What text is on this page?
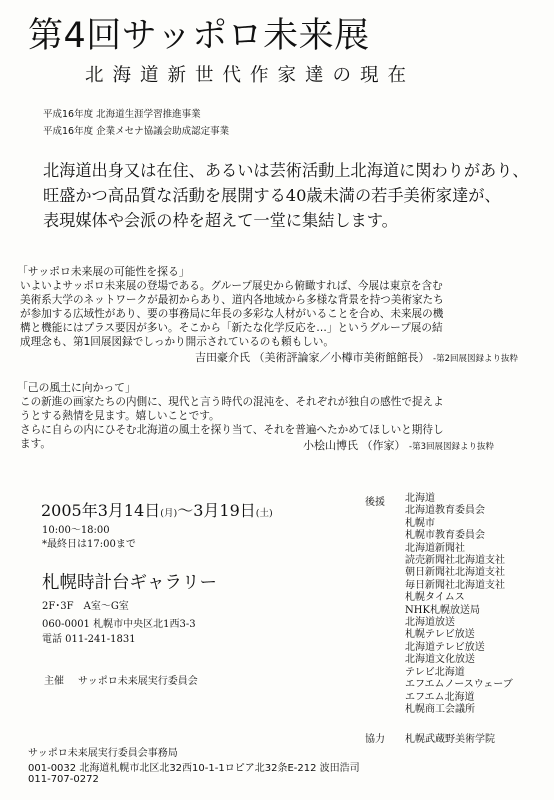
第4回サッポロ未来展
北海道新世代作家達の現在
平成16年度 北海道生涯学習推進事業
平成16年度 企業メセナ協議会助成認定事業
北海道出身又は在住、あるいは芸術活動上北海道に関わりがあり、
旺盛かつ高品質な活動を展開する40歳未満の若手美術家達が、
表現媒体や会派の枠を超えて一堂に集結します。
「サッポロ未来展の可能性を探る」
いよいよサッポロ未来展の登場である。グループ展史から俯瞰すれば、今展は東京を含む
美術系大学のネットワークが最初からあり、道内各地域から多様な背景を持つ美術家たち
が参加する広域性があり、要の事務局に年長の多彩な人材がいることを合め、未来展の機
構と機能にはプラス要因が多い。そこから「新たな化学反応を…」というグループ展の結
成理念も、第1回展図録でしっかり開示されているのも頼もしい。
吉田豪介氏 （美術評論家／小樽市美術館館長） -第2回展図録より抜粋
「己の風土に向かって」
この新進の画家たちの内側に、現代と言う時代の混沌を、それぞれが独自の感性で捉えよ
うとする熱情を見ます。嬉しいことです。
さらに自らの内にひそむ北海道の風土を探り当て、それを普遍へたかめてほしいと期待し
ます。	小桧山博氏 （作家） -第3回展図録より抜粋
2005年3月14日(月)〜3月19日(土)
10:00〜18:00
*最終日は17:00まで
札幌時計台ギャラリー
2F･3F　A室〜G室
060-0001 札幌市中央区北1西3-3
電話 011-241-1831
主催 サッポロ未来展実行委員会
後援 北海道
北海道教育委員会
札幌市
札幌市教育委員会
北海道新聞社
読売新聞社北海道支社
朝日新聞社北海道支社
毎日新聞社北海道支社
札幌タイムス
NHK札幌放送局
北海道放送
札幌テレビ放送
北海道テレビ放送
北海道文化放送
テレビ北海道
エフエムノースウェーブ
エフエム北海道
札幌商工会議所
協力 札幌武蔵野美術学院
サッポロ未来展実行委員会事務局
001-0032 北海道札幌市北区北32西10-1-1ロピア北32条E-212 波田浩司
011-707-0272
